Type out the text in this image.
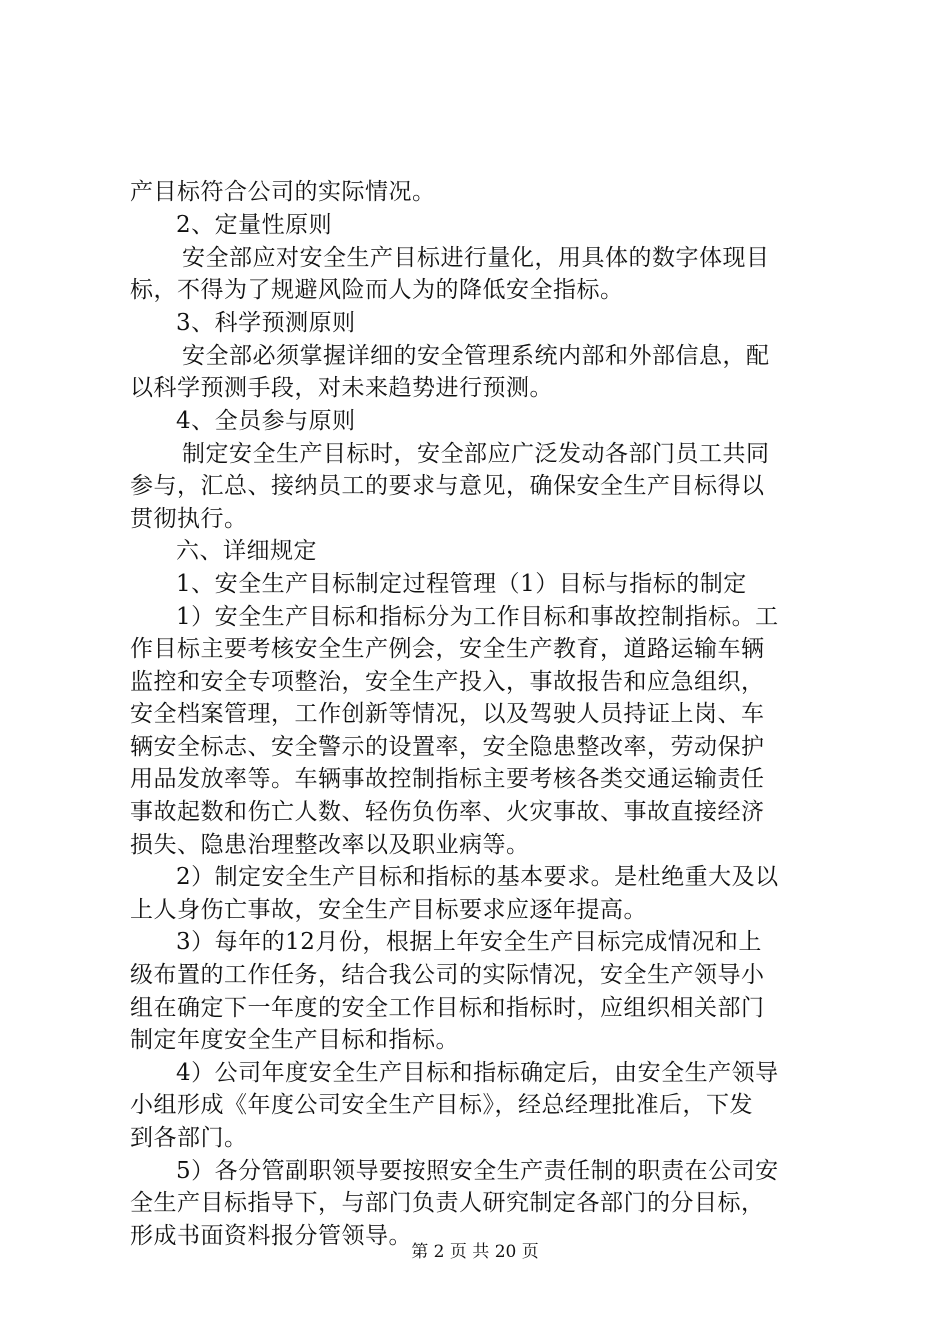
产目标符合公司的实际情况。
2、定量性原则
安全部应对安全生产目标进行量化，用具体的数字体现目
标，不得为了规避风险而人为的降低安全指标。
3、科学预测原则
安全部必须掌握详细的安全管理系统内部和外部信息，配
以科学预测手段，对未来趋势进行预测。
4、全员参与原则
制定安全生产目标时，安全部应广泛发动各部门员工共同
参与，汇总、接纳员工的要求与意见，确保安全生产目标得以
贯彻执行。
六、详细规定
1、安全生产目标制定过程管理（1）目标与指标的制定
1）安全生产目标和指标分为工作目标和事故控制指标。工
作目标主要考核安全生产例会，安全生产教育，道路运输车辆
监控和安全专项整治，安全生产投入，事故报告和应急组织，
安全档案管理，工作创新等情况，以及驾驶人员持证上岗、车
辆安全标志、安全警示的设置率，安全隐患整改率，劳动保护
用品发放率等。车辆事故控制指标主要考核各类交通运输责任
事故起数和伤亡人数、轻伤负伤率、火灾事故、事故直接经济
损失、隐患治理整改率以及职业病等。
2）制定安全生产目标和指标的基本要求。是杜绝重大及以
上人身伤亡事故，安全生产目标要求应逐年提高。
3）每年的12月份，根据上年安全生产目标完成情况和上
级布置的工作任务，结合我公司的实际情况，安全生产领导小
组在确定下一年度的安全工作目标和指标时，应组织相关部门
制定年度安全生产目标和指标。
4）公司年度安全生产目标和指标确定后，由安全生产领导
小组形成《年度公司安全生产目标》，经总经理批准后，下发
到各部门。
5）各分管副职领导要按照安全生产责任制的职责在公司安
全生产目标指导下，与部门负责人研究制定各部门的分目标，
形成书面资料报分管领导。
第 2 页 共 20 页
